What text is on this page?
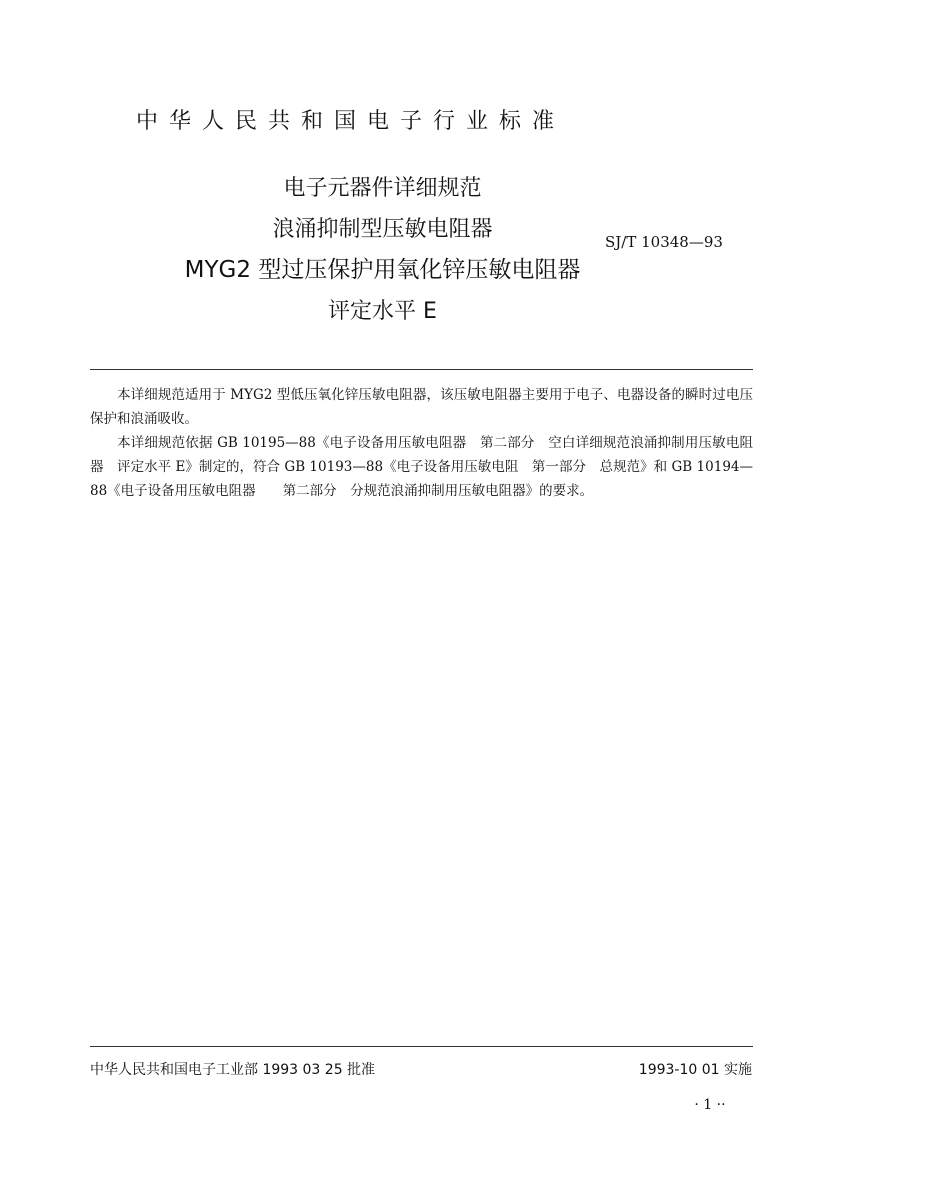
中华人民共和国电子行业标准
电子元器件详细规范
浪涌抑制型压敏电阻器
MYG2 型过压保护用氧化锌压敏电阻器
评定水平 E
SJ/T 10348—93

本详细规范适用于 MYG2 型低压氧化锌压敏电阻器，该压敏电阻器主要用于电子、电器设备的瞬时过电压保护和浪涌吸收。

本详细规范依据 GB 10195—88《电子设备用压敏电阻器　第二部分　空白详细规范浪涌抑制用压敏电阻器　评定水平 E》制定的，符合 GB 10193—88《电子设备用压敏电阻　第一部分　总规范》和 GB 10194—88《电子设备用压敏电阻器　　第二部分　分规范浪涌抑制用压敏电阻器》的要求。

中华人民共和国电子工业部 1993 03 25 批准	1993-10 01 实施
· 1 ··
